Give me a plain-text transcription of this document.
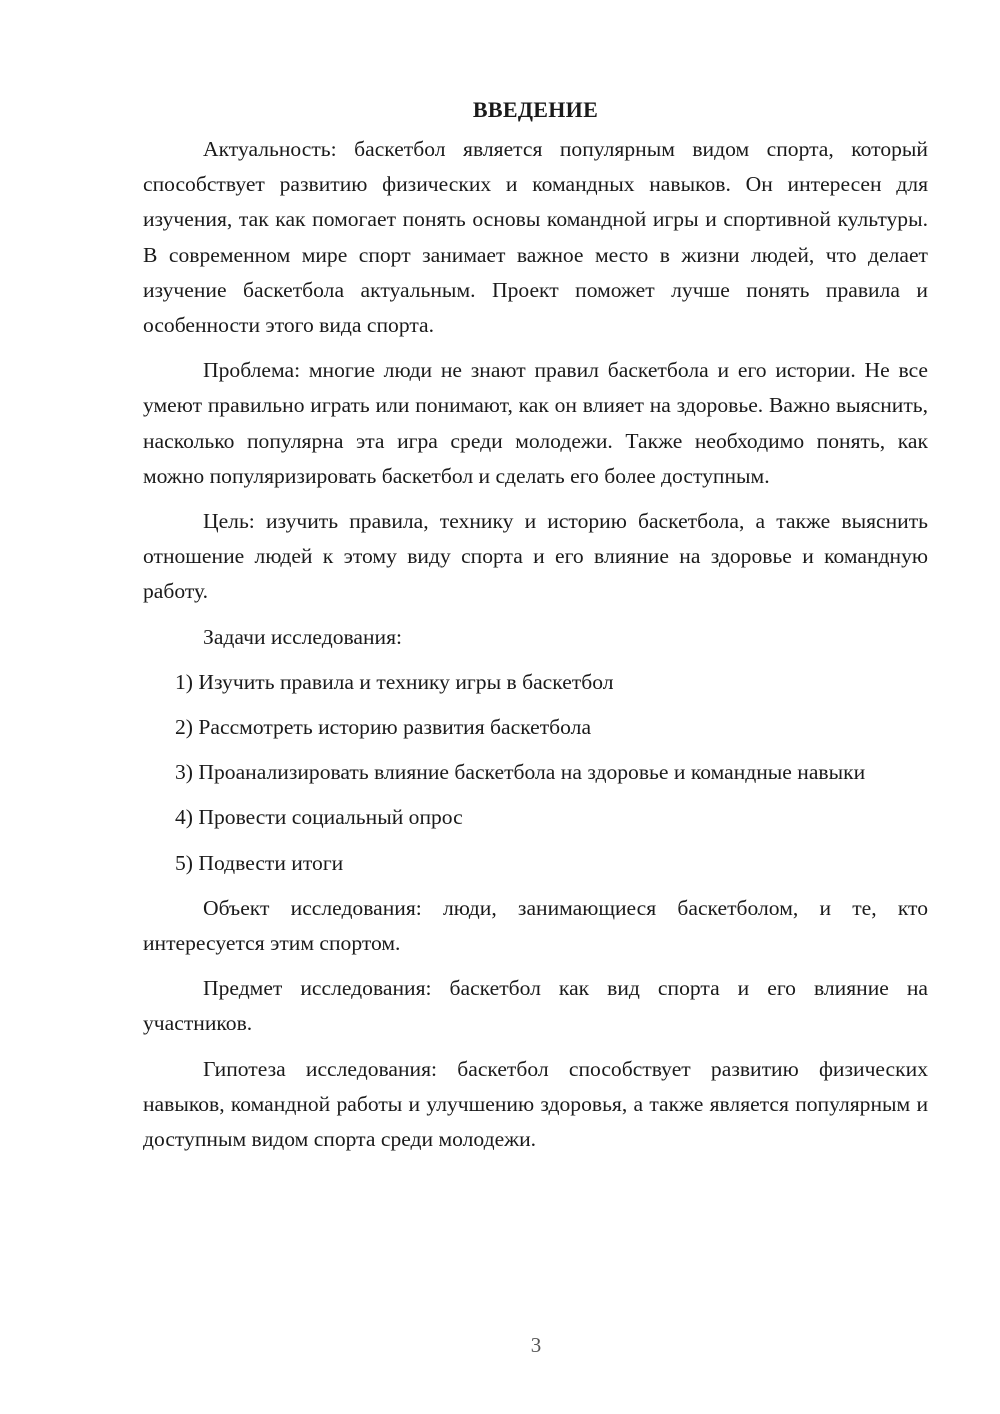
ВВЕДЕНИЕ

Актуальность: баскетбол является популярным видом спорта, который способствует развитию физических и командных навыков. Он интересен для изучения, так как помогает понять основы командной игры и спортивной культуры. В современном мире спорт занимает важное место в жизни людей, что делает изучение баскетбола актуальным. Проект поможет лучше понять правила и особенности этого вида спорта.

Проблема: многие люди не знают правил баскетбола и его истории. Не все умеют правильно играть или понимают, как он влияет на здоровье. Важно выяснить, насколько популярна эта игра среди молодежи. Также необходимо понять, как можно популяризировать баскетбол и сделать его более доступным.

Цель: изучить правила, технику и историю баскетбола, а также выяснить отношение людей к этому виду спорта и его влияние на здоровье и командную работу.

Задачи исследования:

1) Изучить правила и технику игры в баскетбол

2) Рассмотреть историю развития баскетбола

3) Проанализировать влияние баскетбола на здоровье и командные навыки

4) Провести социальный опрос

5) Подвести итоги

Объект исследования: люди, занимающиеся баскетболом, и те, кто интересуется этим спортом.

Предмет исследования: баскетбол как вид спорта и его влияние на участников.

Гипотеза исследования: баскетбол способствует развитию физических навыков, командной работы и улучшению здоровья, а также является популярным и доступным видом спорта среди молодежи.

3
